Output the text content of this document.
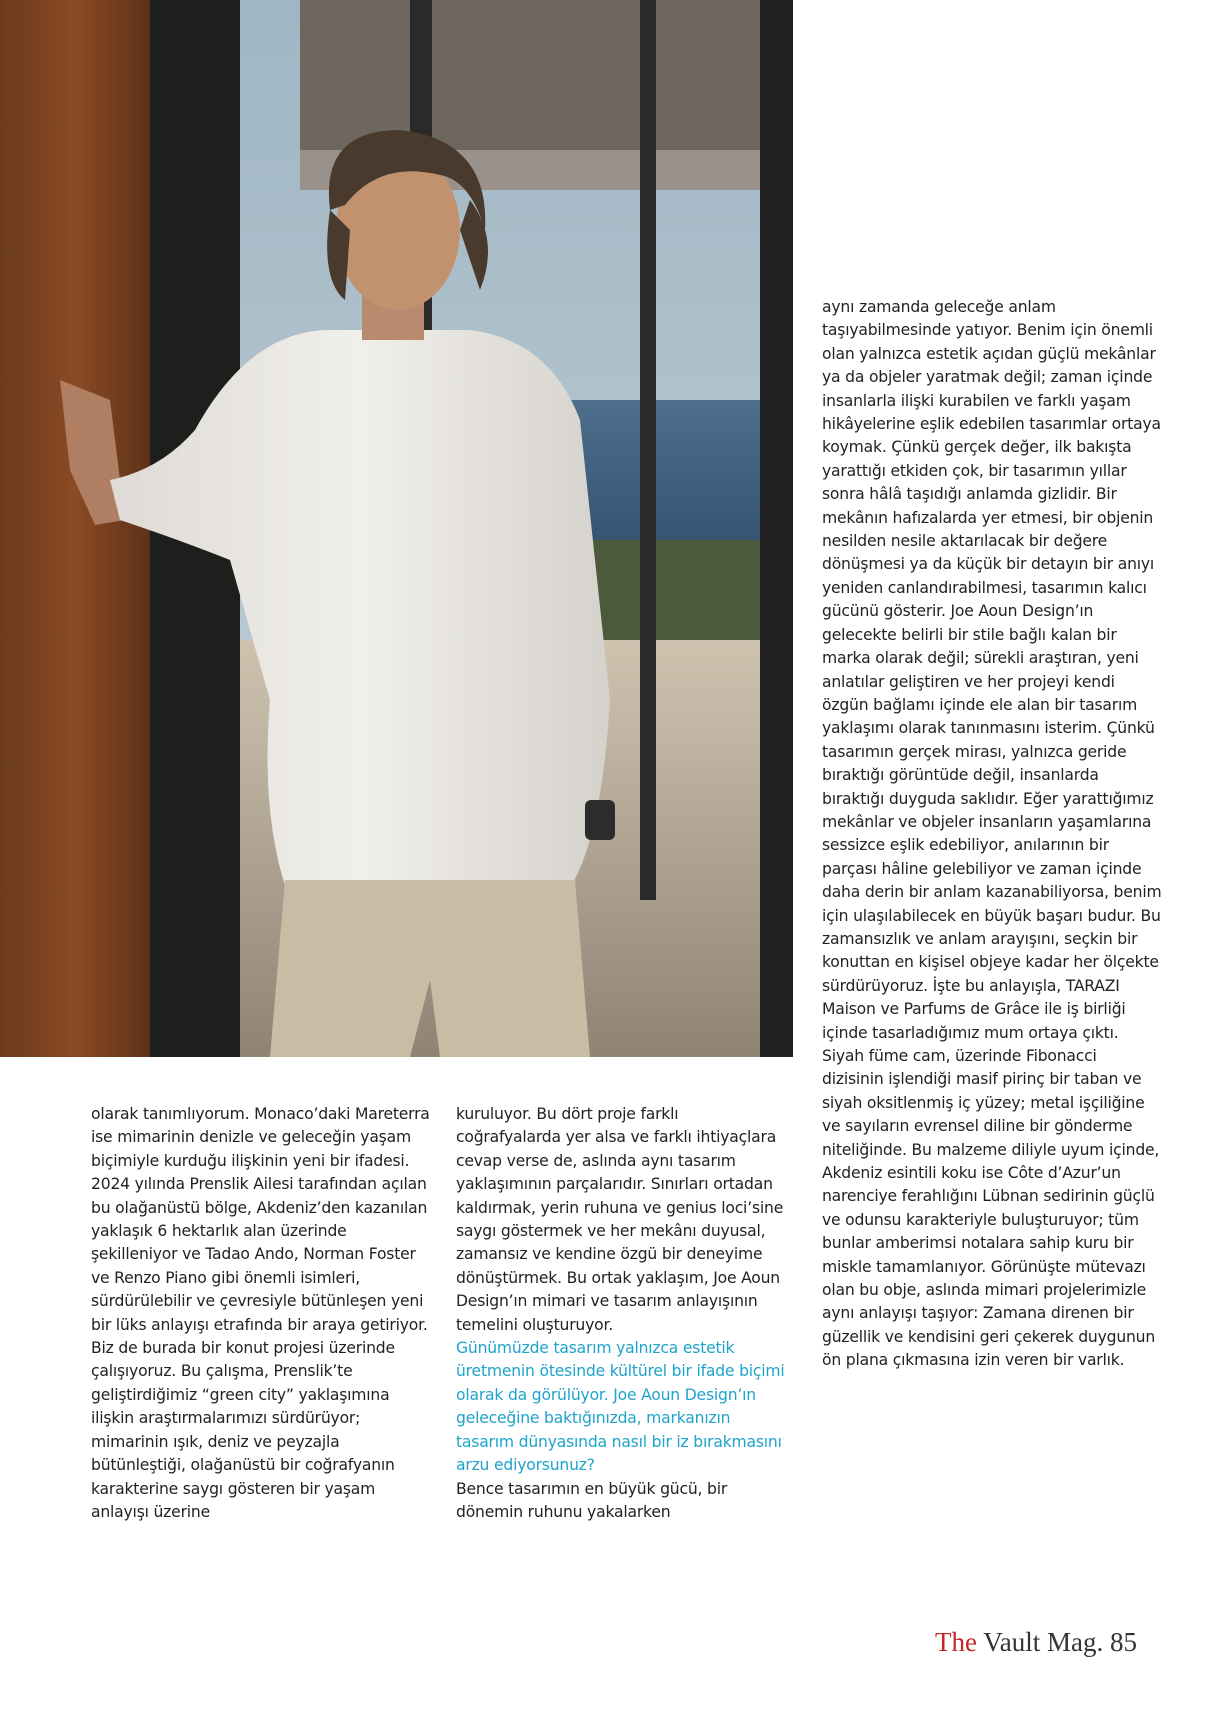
olarak tanımlıyorum. Monaco’daki Mareterra ise mimarinin denizle ve geleceğin yaşam biçimiyle kurduğu ilişkinin yeni bir ifadesi. 2024 yılında Prenslik Ailesi tarafından açılan bu olağanüstü bölge, Akdeniz’den kazanılan yaklaşık 6 hektarlık alan üzerinde şekilleniyor ve Tadao Ando, Norman Foster ve Renzo Piano gibi önemli isimleri, sürdürülebilir ve çevresiyle bütünleşen yeni bir lüks anlayışı etrafında bir araya getiriyor. Biz de burada bir konut projesi üzerinde çalışıyoruz. Bu çalışma, Prenslik’te geliştirdiğimiz “green city” yaklaşımına ilişkin araştırmalarımızı sürdürüyor; mimarinin ışık, deniz ve peyzajla bütünleştiği, olağanüstü bir coğrafyanın karakterine saygı gösteren bir yaşam anlayışı üzerine

kuruluyor. Bu dört proje farklı coğrafyalarda yer alsa ve farklı ihtiyaçlara cevap verse de, aslında aynı tasarım yaklaşımının parçalarıdır. Sınırları ortadan kaldırmak, yerin ruhuna ve genius loci’sine saygı göstermek ve her mekânı duyusal, zamansız ve kendine özgü bir deneyime dönüştürmek. Bu ortak yaklaşım, Joe Aoun Design’ın mimari ve tasarım anlayışının temelini oluşturuyor.

Günümüzde tasarım yalnızca estetik üretmenin ötesinde kültürel bir ifade biçimi olarak da görülüyor. Joe Aoun Design’ın geleceğine baktığınızda, markanızın tasarım dünyasında nasıl bir iz bırakmasını arzu ediyorsunuz?

Bence tasarımın en büyük gücü, bir dönemin ruhunu yakalarken

aynı zamanda geleceğe anlam taşıyabilmesinde yatıyor. Benim için önemli olan yalnızca estetik açıdan güçlü mekânlar ya da objeler yaratmak değil; zaman içinde insanlarla ilişki kurabilen ve farklı yaşam hikâyelerine eşlik edebilen tasarımlar ortaya koymak. Çünkü gerçek değer, ilk bakışta yarattığı etkiden çok, bir tasarımın yıllar sonra hâlâ taşıdığı anlamda gizlidir. Bir mekânın hafızalarda yer etmesi, bir objenin nesilden nesile aktarılacak bir değere dönüşmesi ya da küçük bir detayın bir anıyı yeniden canlandırabilmesi, tasarımın kalıcı gücünü gösterir. Joe Aoun Design’ın gelecekte belirli bir stile bağlı kalan bir marka olarak değil; sürekli araştıran, yeni anlatılar geliştiren ve her projeyi kendi özgün bağlamı içinde ele alan bir tasarım yaklaşımı olarak tanınmasını isterim. Çünkü tasarımın gerçek mirası, yalnızca geride bıraktığı görüntüde değil, insanlarda bıraktığı duyguda saklıdır. Eğer yarattığımız mekânlar ve objeler insanların yaşamlarına sessizce eşlik edebiliyor, anılarının bir parçası hâline gelebiliyor ve zaman içinde daha derin bir anlam kazanabiliyorsa, benim için ulaşılabilecek en büyük başarı budur. Bu zamansızlık ve anlam arayışını, seçkin bir konuttan en kişisel objeye kadar her ölçekte sürdürüyoruz. İşte bu anlayışla, TARAZI Maison ve Parfums de Grâce ile iş birliği içinde tasarladığımız mum ortaya çıktı. Siyah füme cam, üzerinde Fibonacci dizisinin işlendiği masif pirinç bir taban ve siyah oksitlenmiş iç yüzey; metal işçiliğine ve sayıların evrensel diline bir gönderme niteliğinde. Bu malzeme diliyle uyum içinde, Akdeniz esintili koku ise Côte d’Azur’un narenciye ferahlığını Lübnan sedirinin güçlü ve odunsu karakteriyle buluşturuyor; tüm bunlar amberimsi notalara sahip kuru bir miskle tamamlanıyor. Görünüşte mütevazı olan bu obje, aslında mimari projelerimizle aynı anlayışı taşıyor: Zamana direnen bir güzellik ve kendisini geri çekerek duygunun ön plana çıkmasına izin veren bir varlık.

The Vault Mag. 85
